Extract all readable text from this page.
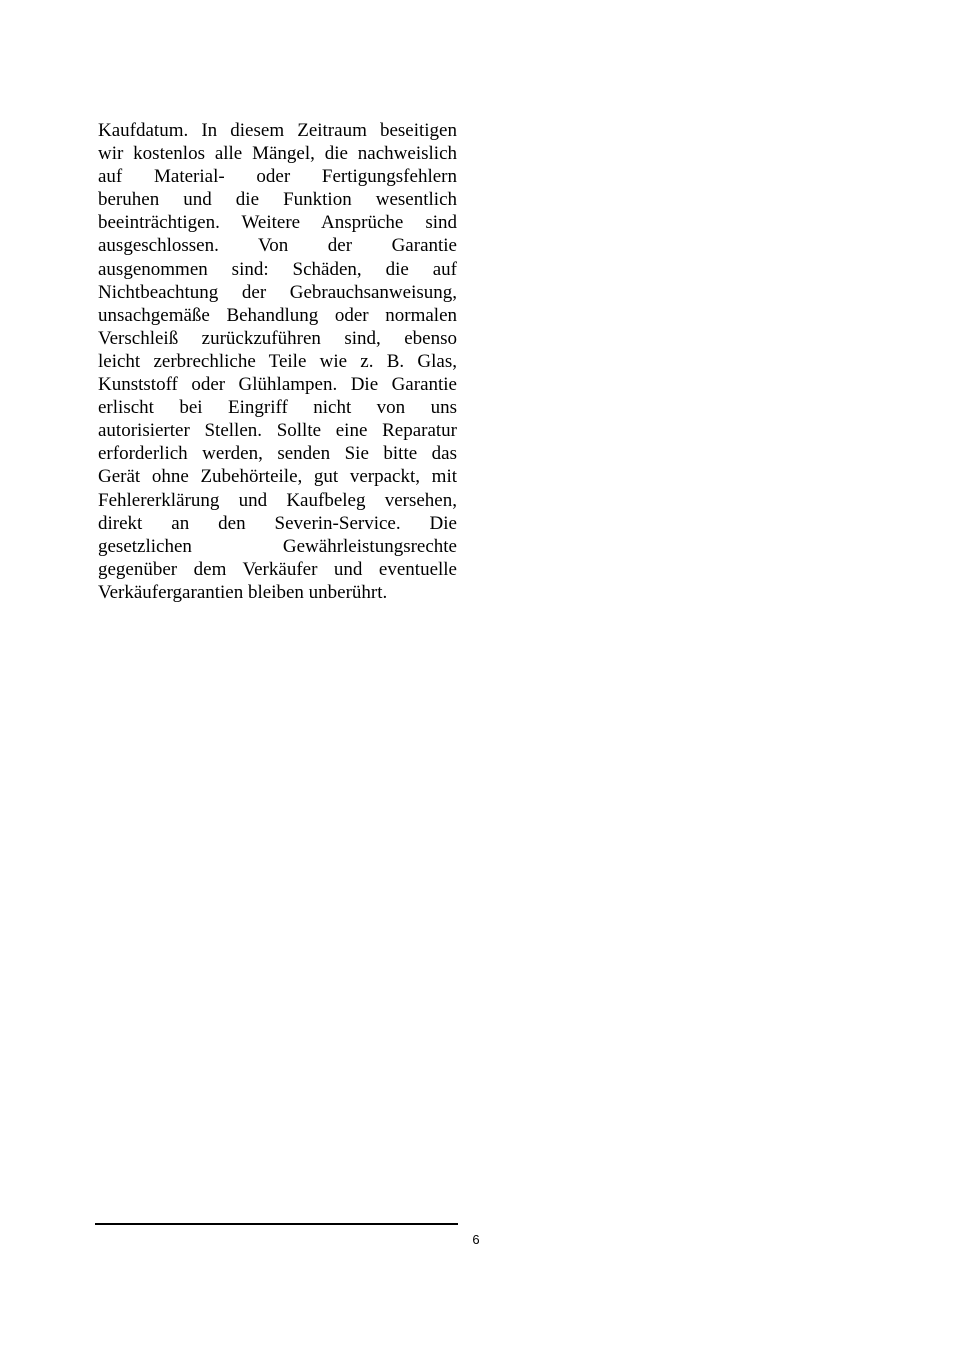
Kaufdatum. In diesem Zeitraum beseitigen
wir kostenlos alle Mängel, die nachweislich
auf Material- oder Fertigungsfehlern
beruhen und die Funktion wesentlich
beeinträchtigen. Weitere Ansprüche sind
ausgeschlossen. Von der Garantie
ausgenommen sind: Schäden, die auf
Nichtbeachtung der Gebrauchsanweisung,
unsachgemäße Behandlung oder normalen
Verschleiß zurückzuführen sind, ebenso
leicht zerbrechliche Teile wie z. B. Glas,
Kunststoff oder Glühlampen. Die Garantie
erlischt bei Eingriff nicht von uns
autorisierter Stellen. Sollte eine Reparatur
erforderlich werden, senden Sie bitte das
Gerät ohne Zubehörteile, gut verpackt, mit
Fehlererklärung und Kaufbeleg versehen,
direkt an den Severin-Service. Die
gesetzlichen Gewährleistungsrechte
gegenüber dem Verkäufer und eventuelle
Verkäufergarantien bleiben unberührt.
6
